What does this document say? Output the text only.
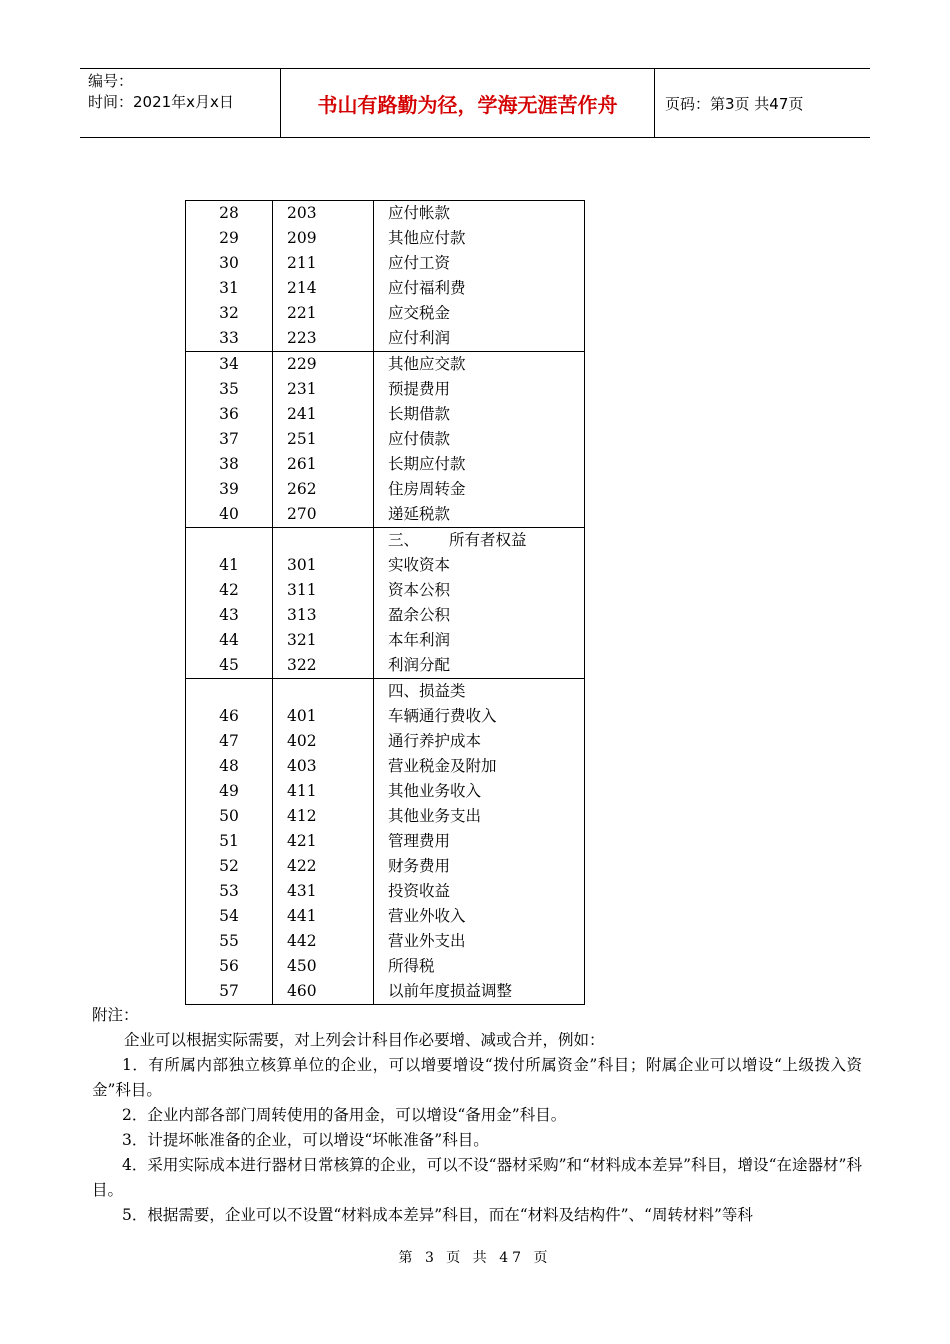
编号：
时间：2021年x月x日	书山有路勤为径，学海无涯苦作舟	页码：第3页 共47页
28	203	应付帐款
29	209	其他应付款
30	211	应付工资
31	214	应付福利费
32	221	应交税金
33	223	应付利润
34	229	其他应交款
35	231	预提费用
36	241	长期借款
37	251	应付债款
38	261	长期应付款
39	262	住房周转金
40	270	递延税款
		三、 所有者权益
41	301	实收资本
42	311	资本公积
43	313	盈余公积
44	321	本年利润
45	322	利润分配
		四、损益类
46	401	车辆通行费收入
47	402	通行养护成本
48	403	营业税金及附加
49	411	其他业务收入
50	412	其他业务支出
51	421	管理费用
52	422	财务费用
53	431	投资收益
54	441	营业外收入
55	442	营业外支出
56	450	所得税
57	460	以前年度损益调整

附注：

企业可以根据实际需要，对上列会计科目作必要增、减或合并，例如：

1．有所属内部独立核算单位的企业，可以增要增设“拨付所属资金”科目；附属企业可以增设“上级拨入资金”科目。

2．企业内部各部门周转使用的备用金，可以增设“备用金”科目。

3．计提坏帐准备的企业，可以增设“坏帐准备”科目。

4．采用实际成本进行器材日常核算的企业，可以不设“器材采购”和“材料成本差异”科目，增设“在途器材”科目。

5．根据需要，企业可以不设置“材料成本差异”科目，而在“材料及结构件”、“周转材料”等科

第 3 页 共 47 页
